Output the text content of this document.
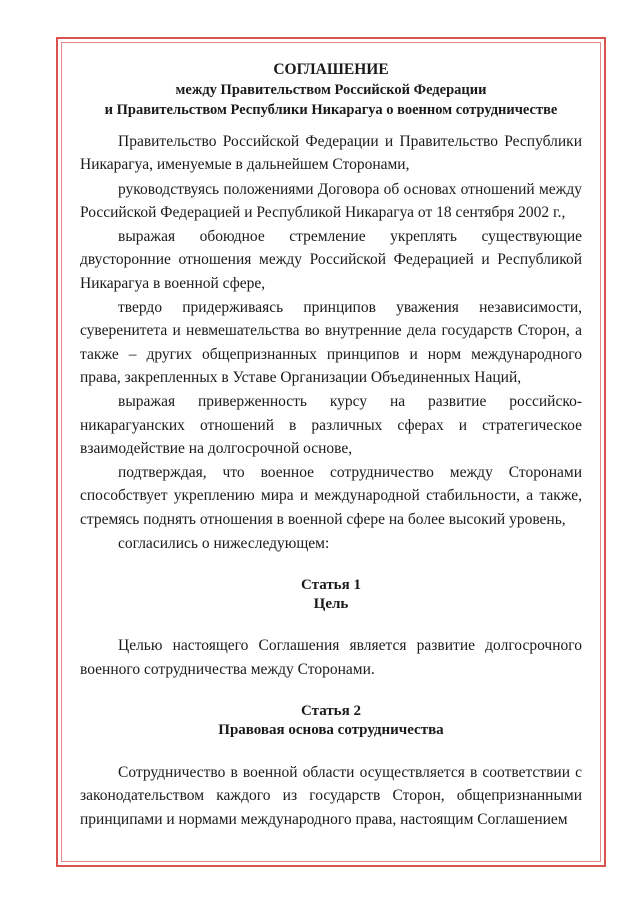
СОГЛАШЕНИЕ
между Правительством Российской Федерации
и Правительством Республики Никарагуа о военном сотрудничестве

Правительство Российской Федерации и Правительство Республики Никарагуа, именуемые в дальнейшем Сторонами,

руководствуясь положениями Договора об основах отношений между Российской Федерацией и Республикой Никарагуа от 18 сентября 2002 г.,

выражая обоюдное стремление укреплять существующие двусторонние отношения между Российской Федерацией и Республикой Никарагуа в военной сфере,

твердо придерживаясь принципов уважения независимости, суверенитета и невмешательства во внутренние дела государств Сторон, а также – других общепризнанных принципов и норм международного права, закрепленных в Уставе Организации Объединенных Наций,

выражая приверженность курсу на развитие российско-никарагуанских отношений в различных сферах и стратегическое взаимодействие на долгосрочной основе,

подтверждая, что военное сотрудничество между Сторонами способствует укреплению мира и международной стабильности, а также, стремясь поднять отношения в военной сфере на более высокий уровень,

согласились о нижеследующем:

Статья 1
Цель

Целью настоящего Соглашения является развитие долгосрочного военного сотрудничества между Сторонами.

Статья 2
Правовая основа сотрудничества

Сотрудничество в военной области осуществляется в соответствии с законодательством каждого из государств Сторон, общепризнанными принципами и нормами международного права, настоящим Соглашением
